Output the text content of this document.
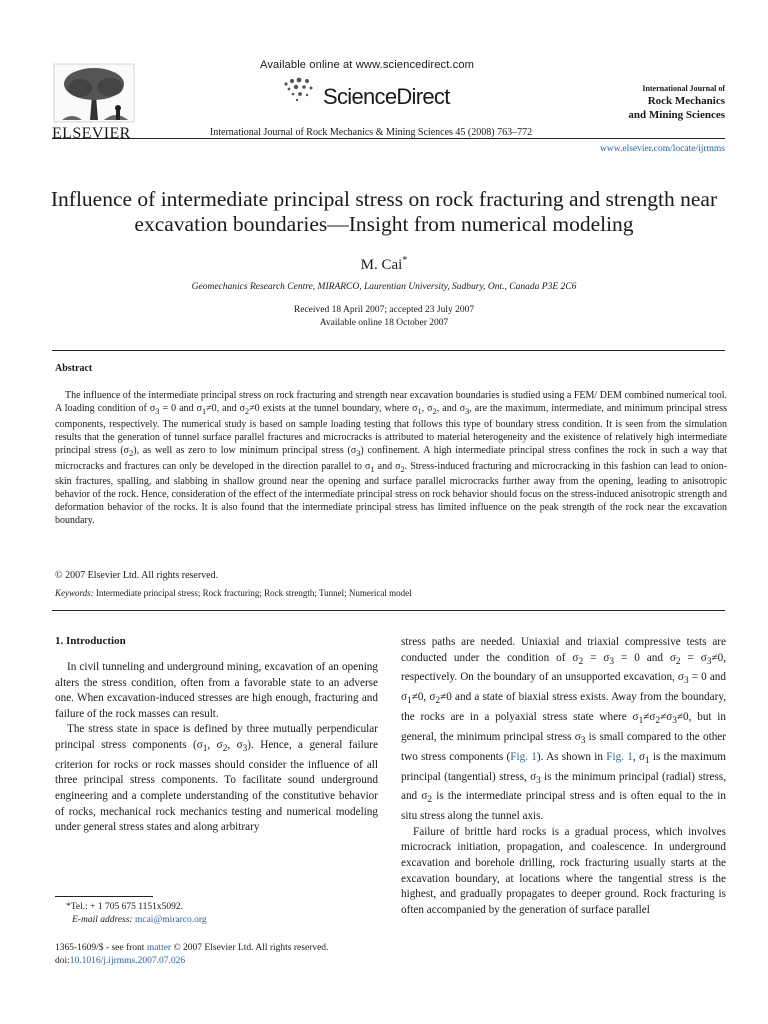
ELSEVIER
Available online at www.sciencedirect.com
ScienceDirect
International Journal of Rock Mechanics & Mining Sciences 45 (2008) 763–772
International Journal of
Rock Mechanics
and Mining Sciences
www.elsevier.com/locate/ijrmms
Influence of intermediate principal stress on rock fracturing and strength near excavation boundaries—Insight from numerical modeling
M. Cai*
Geomechanics Research Centre, MIRARCO, Laurentian University, Sudbury, Ont., Canada P3E 2C6
Received 18 April 2007; accepted 23 July 2007
Available online 18 October 2007
Abstract
The influence of the intermediate principal stress on rock fracturing and strength near excavation boundaries is studied using a FEM/ DEM combined numerical tool. A loading condition of $\sigma_3 = 0$ and $\sigma_1\ne 0$, and $\sigma_2\ne 0$ exists at the tunnel boundary, where $\sigma_1$, $\sigma_2$, and $\sigma_3$, are the maximum, intermediate, and minimum principal stress components, respectively. The numerical study is based on sample loading testing that follows this type of boundary stress condition. It is seen from the simulation results that the generation of tunnel surface parallel fractures and microcracks is attributed to material heterogeneity and the existence of relatively high intermediate principal stress $(\sigma_2)$, as well as zero to low minimum principal stress $(\sigma_3)$ confinement. A high intermediate principal stress confines the rock in such a way that microcracks and fractures can only be developed in the direction parallel to $\sigma_1$ and $\sigma_2$. Stress-induced fracturing and microcracking in this fashion can lead to onion-skin fractures, spalling, and slabbing in shallow ground near the opening and surface parallel microcracks further away from the opening, leading to anisotropic behavior of the rock. Hence, consideration of the effect of the intermediate principal stress on rock behavior should focus on the stress-induced anisotropic strength and deformation behavior of the rocks. It is also found that the intermediate principal stress has limited influence on the peak strength of the rock near the excavation boundary.
© 2007 Elsevier Ltd. All rights reserved.
Keywords: Intermediate principal stress; Rock fracturing; Rock strength; Tunnel; Numerical model
1. Introduction

In civil tunneling and underground mining, excavation of an opening alters the stress condition, often from a favorable state to an adverse one. When excavation-induced stresses are high enough, fracturing and failure of the rock masses can result.

The stress state in space is defined by three mutually perpendicular principal stress components ($\sigma_1$, $\sigma_2$, $\sigma_3$). Hence, a general failure criterion for rocks or rock masses should consider the influence of all three principal stress components. To facilitate sound underground engineering and a complete understanding of the constitutive behavior of rocks, mechanical rock mechanics testing and numerical modeling under general stress states and along arbitrary

*Tel.: + 1 705 675 1151x5092.
E-mail address: mcai@mirarco.org
1365-1609/$ - see front matter © 2007 Elsevier Ltd. All rights reserved.
doi:10.1016/j.ijrmms.2007.07.026

stress paths are needed. Uniaxial and triaxial compressive tests are conducted under the condition of $\sigma_2 = \sigma_3 = 0$ and $\sigma_2 = \sigma_3\ne 0$, respectively. On the boundary of an unsupported excavation, $\sigma_3 = 0$ and $\sigma_1\ne 0$, $\sigma_2\ne 0$ and a state of biaxial stress exists. Away from the boundary, the rocks are in a polyaxial stress state where $\sigma_1\ne\sigma_2\ne\sigma_3\ne 0$, but in general, the minimum principal stress $\sigma_3$ is small compared to the other two stress components (Fig. 1). As shown in Fig. 1, $\sigma_1$ is the maximum principal (tangential) stress, $\sigma_3$ is the minimum principal (radial) stress, and $\sigma_2$ is the intermediate principal stress and is often equal to the in situ stress along the tunnel axis.

Failure of brittle hard rocks is a gradual process, which involves microcrack initiation, propagation, and coalescence. In underground excavation and borehole drilling, rock fracturing usually starts at the excavation boundary, at locations where the tangential stress is the highest, and gradually propagates to deeper ground. Rock fracturing is often accompanied by the generation of surface parallel
